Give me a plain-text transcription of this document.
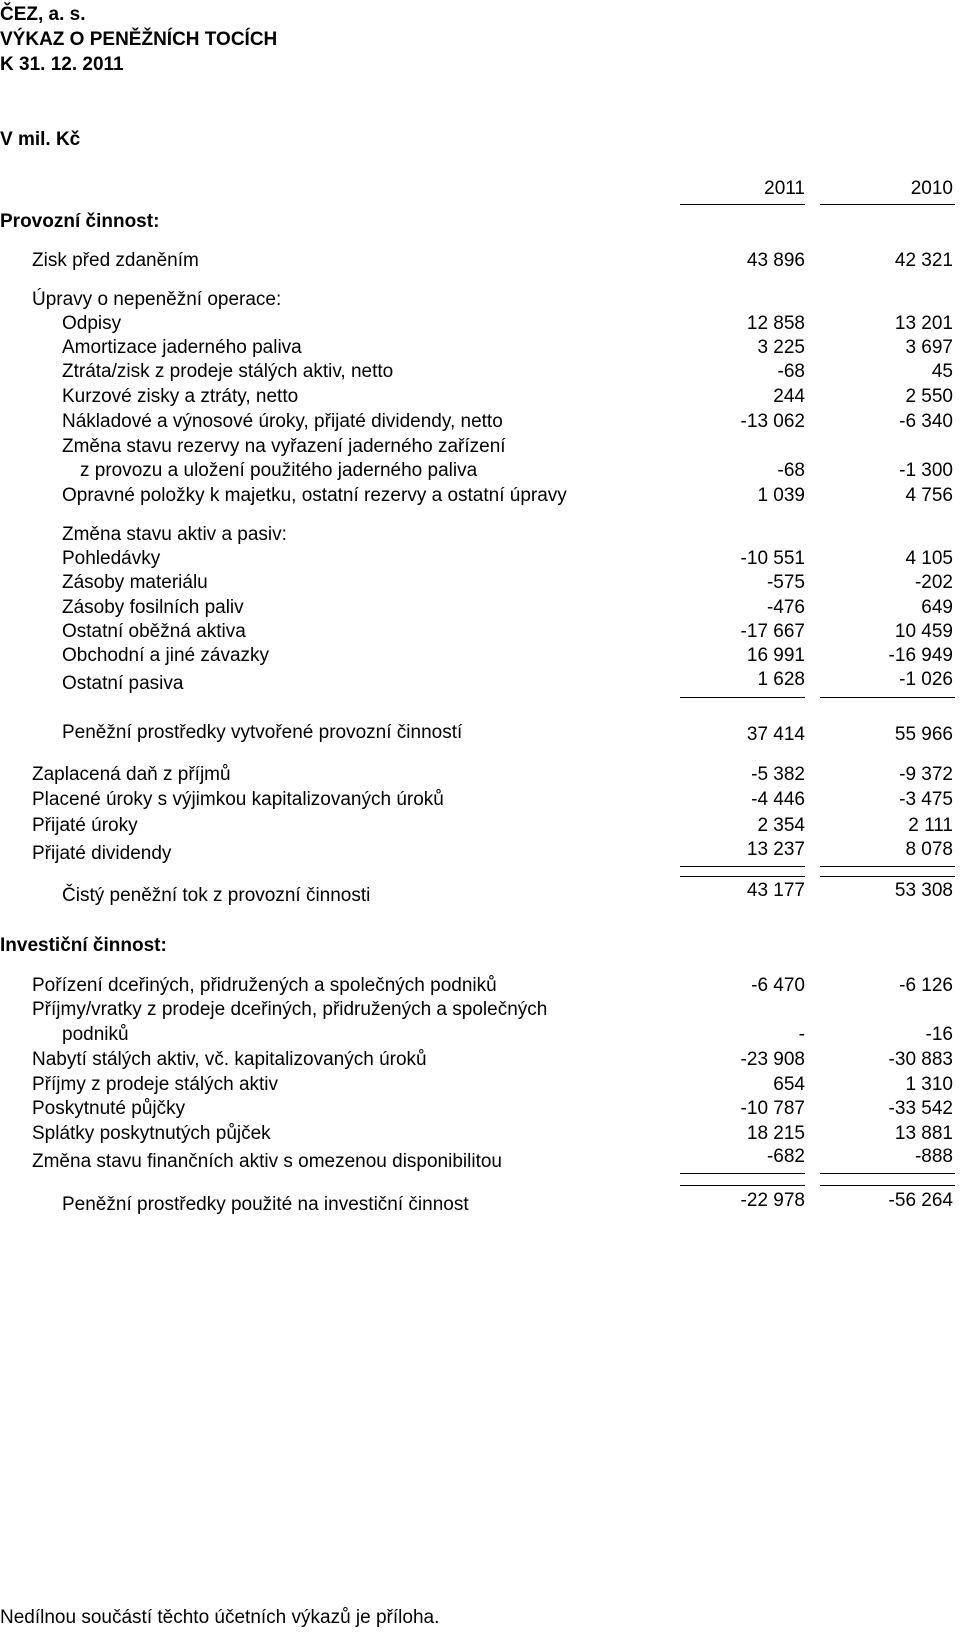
ČEZ, a. s.
VÝKAZ O PENĚŽNÍCH TOCÍCH
K 31. 12. 2011
V mil. Kč
2011	2010
Provozní činnost:
Zisk před zdaněním	43 896	42 321
Úpravy o nepeněžní operace:
Odpisy	12 858	13 201
Amortizace jaderného paliva	3 225	3 697
Ztráta/zisk z prodeje stálých aktiv, netto	-68	45
Kurzové zisky a ztráty, netto	244	2 550
Nákladové a výnosové úroky, přijaté dividendy, netto	-13 062	-6 340
Změna stavu rezervy na vyřazení jaderného zařízení
z provozu a uložení použitého jaderného paliva	-68	-1 300
Opravné položky k majetku, ostatní rezervy a ostatní úpravy	1 039	4 756
Změna stavu aktiv a pasiv:
Pohledávky	-10 551	4 105
Zásoby materiálu	-575	-202
Zásoby fosilních paliv	-476	649
Ostatní oběžná aktiva	-17 667	10 459
Obchodní a jiné závazky	16 991	-16 949
Ostatní pasiva	1 628	-1 026
Peněžní prostředky vytvořené provozní činností	37 414	55 966
Zaplacená daň z příjmů	-5 382	-9 372
Placené úroky s výjimkou kapitalizovaných úroků	-4 446	-3 475
Přijaté úroky	2 354	2 111
Přijaté dividendy	13 237	8 078
Čistý peněžní tok z provozní činnosti	43 177	53 308
Investiční činnost:
Pořízení dceřiných, přidružených a společných podniků	-6 470	-6 126
Příjmy/vratky z prodeje dceřiných, přidružených a společných
podniků	-	-16
Nabytí stálých aktiv, vč. kapitalizovaných úroků	-23 908	-30 883
Příjmy z prodeje stálých aktiv	654	1 310
Poskytnuté půjčky	-10 787	-33 542
Splátky poskytnutých půjček	18 215	13 881
Změna stavu finančních aktiv s omezenou disponibilitou	-682	-888
Peněžní prostředky použité na investiční činnost	-22 978	-56 264
Nedílnou součástí těchto účetních výkazů je příloha.
